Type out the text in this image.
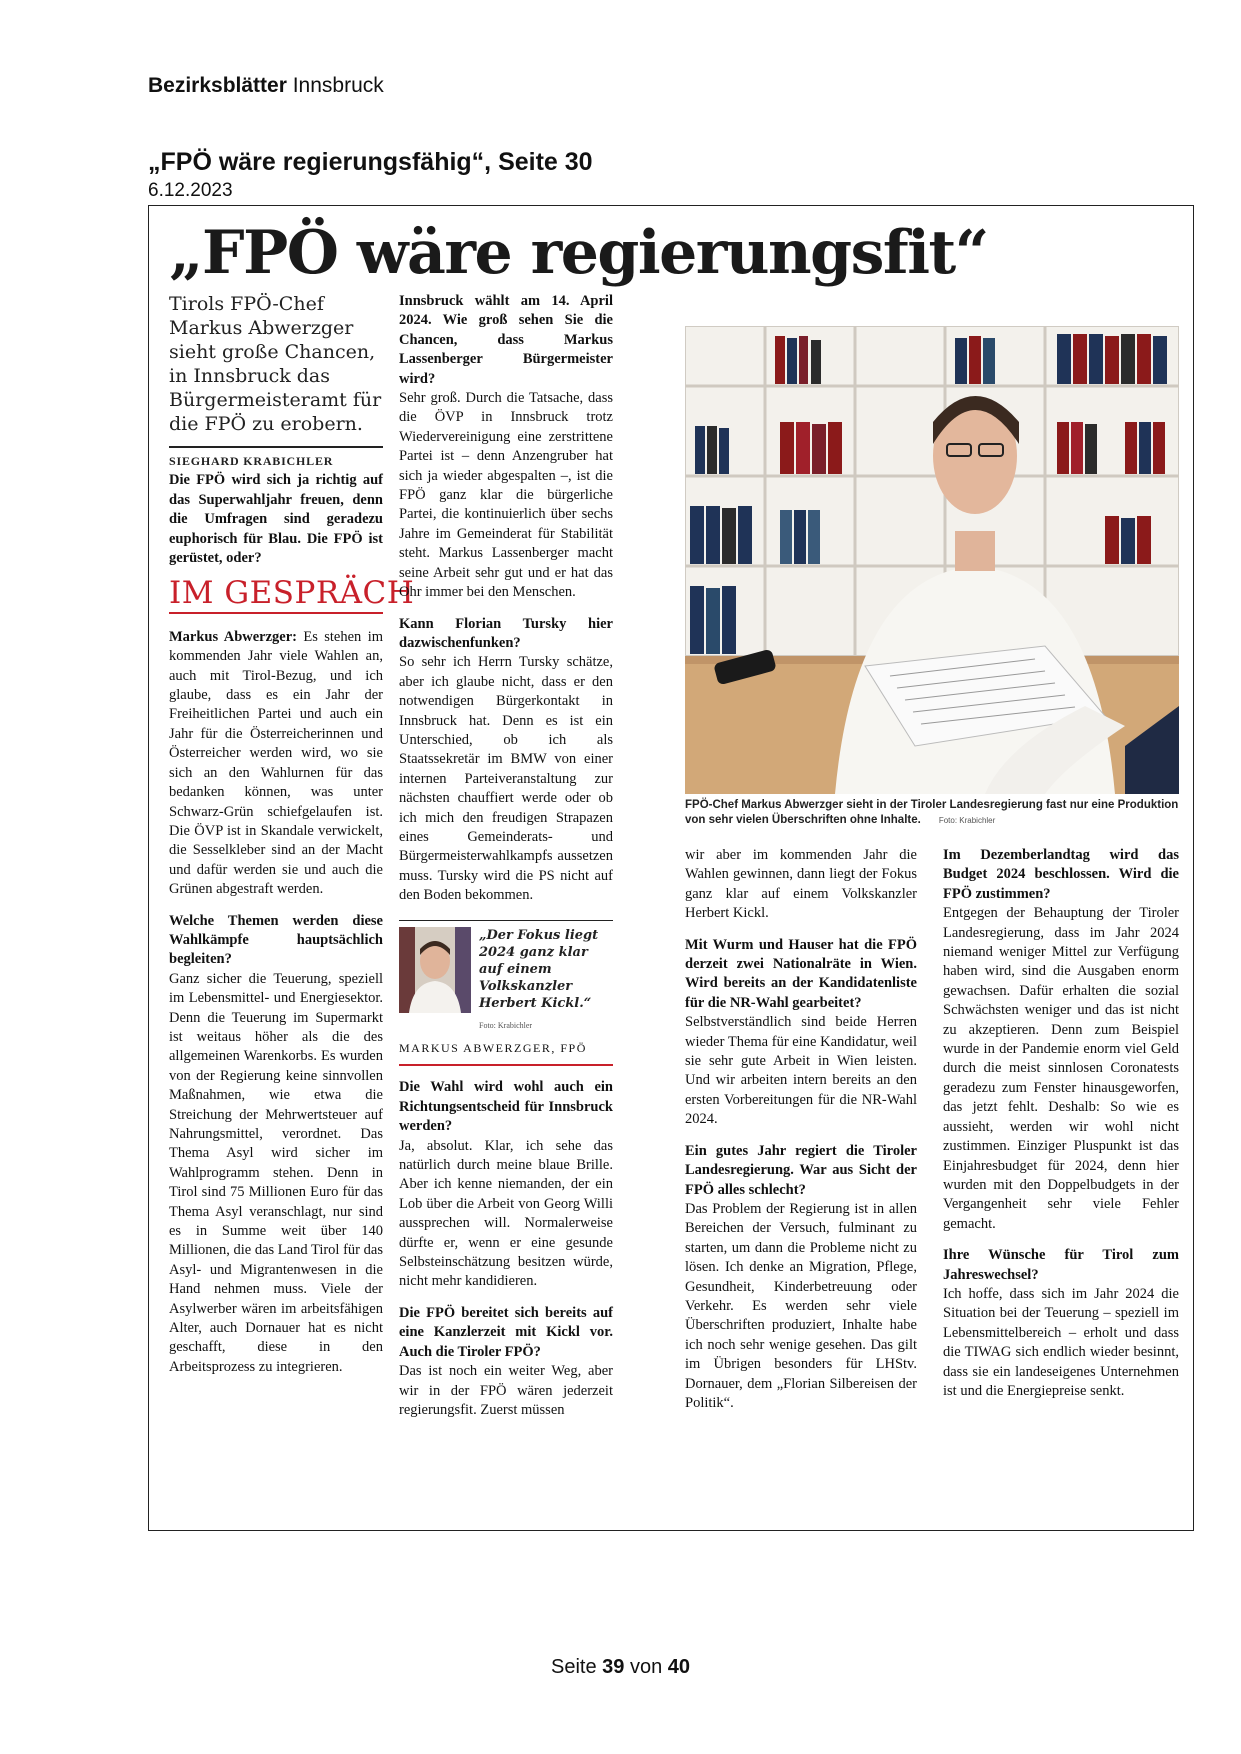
Bezirksblätter Innsbruck
„FPÖ wäre regierungsfähig“, Seite 30
6.12.2023
„FPÖ wäre regierungsfit“

Tirols FPÖ-Chef Markus Abwerzger sieht große Chancen, in Innsbruck das Bürgermeisteramt für die FPÖ zu erobern.

SIEGHARD KRABICHLER

Die FPÖ wird sich ja richtig auf das Superwahljahr freuen, denn die Umfragen sind geradezu euphorisch für Blau. Die FPÖ ist gerüstet, oder?

IM GESPRÄCH

Markus Abwerzger: Es stehen im kommenden Jahr viele Wahlen an, auch mit Tirol-Bezug, und ich glaube, dass es ein Jahr der Freiheitlichen Partei und auch ein Jahr für die Österreicherinnen und Österreicher werden wird, wo sie sich an den Wahlurnen für das bedanken können, was unter Schwarz-Grün schiefgelaufen ist. Die ÖVP ist in Skandale verwickelt, die Sesselkleber sind an der Macht und dafür werden sie und auch die Grünen abgestraft werden.

Welche Themen werden diese Wahlkämpfe hauptsächlich begleiten?

Ganz sicher die Teuerung, speziell im Lebensmittel- und Energiesektor. Denn die Teuerung im Supermarkt ist weitaus höher als die des allgemeinen Warenkorbs. Es wurden von der Regierung keine sinnvollen Maßnahmen, wie etwa die Streichung der Mehrwertsteuer auf Nahrungsmittel, verordnet. Das Thema Asyl wird sicher im Wahlprogramm stehen. Denn in Tirol sind 75 Millionen Euro für das Thema Asyl veranschlagt, nur sind es in Summe weit über 140 Millionen, die das Land Tirol für das Asyl- und Migrantenwesen in die Hand nehmen muss. Viele der Asylwerber wären im arbeitsfähigen Alter, auch Dornauer hat es nicht geschafft, diese in den Arbeitsprozess zu integrieren.

Innsbruck wählt am 14. April 2024. Wie groß sehen Sie die Chancen, dass Markus Lassenberger Bürgermeister wird?

Sehr groß. Durch die Tatsache, dass die ÖVP in Innsbruck trotz Wiedervereinigung eine zerstrittene Partei ist – denn Anzengruber hat sich ja wieder abgespalten –, ist die FPÖ ganz klar die bürgerliche Partei, die kontinuierlich über sechs Jahre im Gemeinderat für Stabilität steht. Markus Lassenberger macht seine Arbeit sehr gut und er hat das Ohr immer bei den Menschen.

Kann Florian Tursky hier dazwischenfunken?

So sehr ich Herrn Tursky schätze, aber ich glaube nicht, dass er den notwendigen Bürgerkontakt in Innsbruck hat. Denn es ist ein Unterschied, ob ich als Staatssekretär im BMW von einer internen Parteiveranstaltung zur nächsten chauffiert werde oder ob ich mich den freudigen Strapazen eines Gemeinderats- und Bürgermeisterwahlkampfs aussetzen muss. Tursky wird die PS nicht auf den Boden bekommen.

„Der Fokus liegt 2024 ganz klar auf einem Volkskanzler Herbert Kickl.“
Foto: Krabichler
MARKUS ABWERZGER, FPÖ

Die Wahl wird wohl auch ein Richtungsentscheid für Innsbruck werden?

Ja, absolut. Klar, ich sehe das natürlich durch meine blaue Brille. Aber ich kenne niemanden, der ein Lob über die Arbeit von Georg Willi aussprechen will. Normalerweise dürfte er, wenn er eine gesunde Selbsteinschätzung besitzen würde, nicht mehr kandidieren.

Die FPÖ bereitet sich bereits auf eine Kanzlerzeit mit Kickl vor. Auch die Tiroler FPÖ?

Das ist noch ein weiter Weg, aber wir in der FPÖ wären jederzeit regierungsfit. Zuerst müssen

FPÖ-Chef Markus Abwerzger sieht in der Tiroler Landesregierung fast nur eine Produktion von sehr vielen Überschriften ohne Inhalte. Foto: Krabichler

wir aber im kommenden Jahr die Wahlen gewinnen, dann liegt der Fokus ganz klar auf einem Volkskanzler Herbert Kickl.

Mit Wurm und Hauser hat die FPÖ derzeit zwei Nationalräte in Wien. Wird bereits an der Kandidatenliste für die NR-Wahl gearbeitet?

Selbstverständlich sind beide Herren wieder Thema für eine Kandidatur, weil sie sehr gute Arbeit in Wien leisten. Und wir arbeiten intern bereits an den ersten Vorbereitungen für die NR-Wahl 2024.

Ein gutes Jahr regiert die Tiroler Landesregierung. War aus Sicht der FPÖ alles schlecht?

Das Problem der Regierung ist in allen Bereichen der Versuch, fulminant zu starten, um dann die Probleme nicht zu lösen. Ich denke an Migration, Pflege, Gesundheit, Kinderbetreuung oder Verkehr. Es werden sehr viele Überschriften produziert, Inhalte habe ich noch sehr wenige gesehen. Das gilt im Übrigen besonders für LHStv. Dornauer, dem „Florian Silbereisen der Politik“.

Im Dezemberlandtag wird das Budget 2024 beschlossen. Wird die FPÖ zustimmen?

Entgegen der Behauptung der Tiroler Landesregierung, dass im Jahr 2024 niemand weniger Mittel zur Verfügung haben wird, sind die Ausgaben enorm gewachsen. Dafür erhalten die sozial Schwächsten weniger und das ist nicht zu akzeptieren. Denn zum Beispiel wurde in der Pandemie enorm viel Geld durch die meist sinnlosen Coronatests geradezu zum Fenster hinausgeworfen, das jetzt fehlt. Deshalb: So wie es aussieht, werden wir wohl nicht zustimmen. Einziger Pluspunkt ist das Einjahresbudget für 2024, denn hier wurden mit den Doppelbudgets in der Vergangenheit sehr viele Fehler gemacht.

Ihre Wünsche für Tirol zum Jahreswechsel?

Ich hoffe, dass sich im Jahr 2024 die Situation bei der Teuerung – speziell im Lebensmittelbereich – erholt und dass die TIWAG sich endlich wieder besinnt, dass sie ein landeseigenes Unternehmen ist und die Energiepreise senkt.

Seite 39 von 40
